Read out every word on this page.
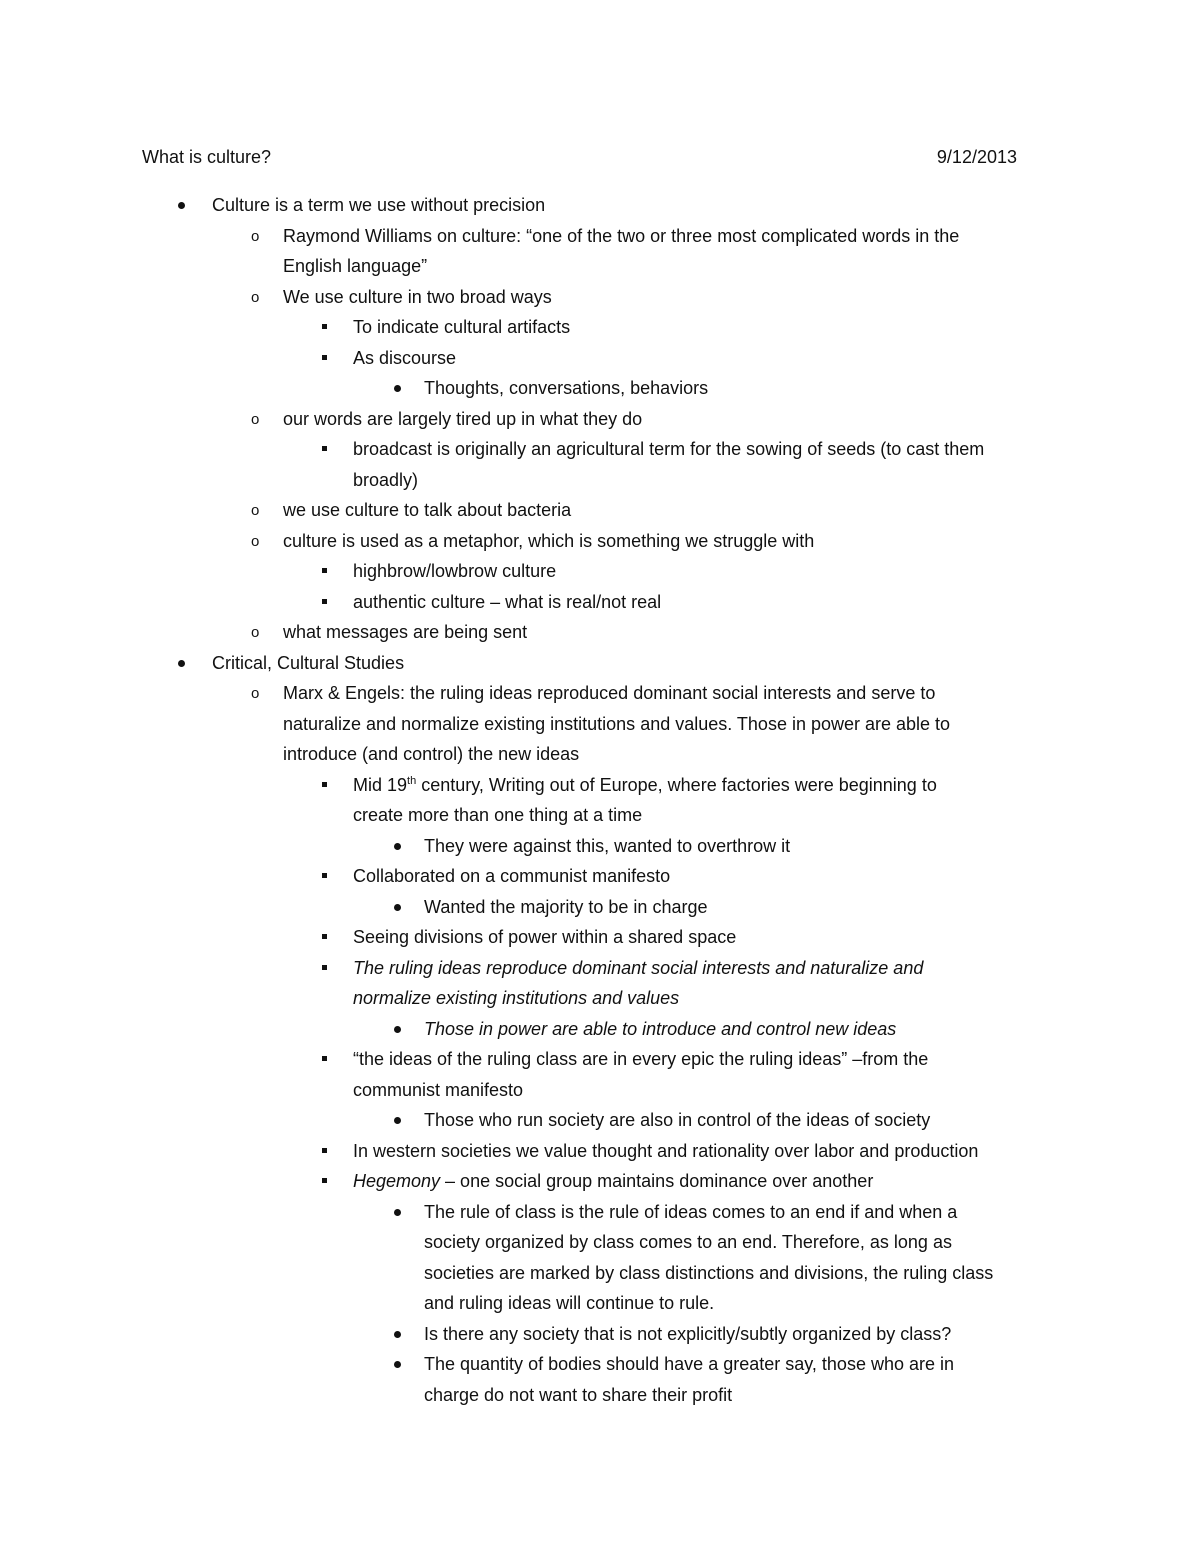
What is culture?	9/12/2013
Culture is a term we use without precision
o
Raymond Williams on culture: “one of the two or three most complicated words in the
English language”
o
We use culture in two broad ways
To indicate cultural artifacts
As discourse
Thoughts, conversations, behaviors
o
our words are largely tired up in what they do
broadcast is originally an agricultural term for the sowing of seeds (to cast them
broadly)
o
we use culture to talk about bacteria
o
culture is used as a metaphor, which is something we struggle with
highbrow/lowbrow culture
authentic culture – what is real/not real
o
what messages are being sent
Critical, Cultural Studies
o
Marx & Engels: the ruling ideas reproduced dominant social interests and serve to
naturalize and normalize existing institutions and values. Those in power are able to
introduce (and control) the new ideas
Mid 19th century, Writing out of Europe, where factories were beginning to
create more than one thing at a time
They were against this, wanted to overthrow it
Collaborated on a communist manifesto
Wanted the majority to be in charge
Seeing divisions of power within a shared space
The ruling ideas reproduce dominant social interests and naturalize and
normalize existing institutions and values
Those in power are able to introduce and control new ideas
“the ideas of the ruling class are in every epic the ruling ideas” –from the
communist manifesto
Those who run society are also in control of the ideas of society
In western societies we value thought and rationality over labor and production
Hegemony – one social group maintains dominance over another
The rule of class is the rule of ideas comes to an end if and when a
society organized by class comes to an end. Therefore, as long as
societies are marked by class distinctions and divisions, the ruling class
and ruling ideas will continue to rule.
Is there any society that is not explicitly/subtly organized by class?
The quantity of bodies should have a greater say, those who are in
charge do not want to share their profit
